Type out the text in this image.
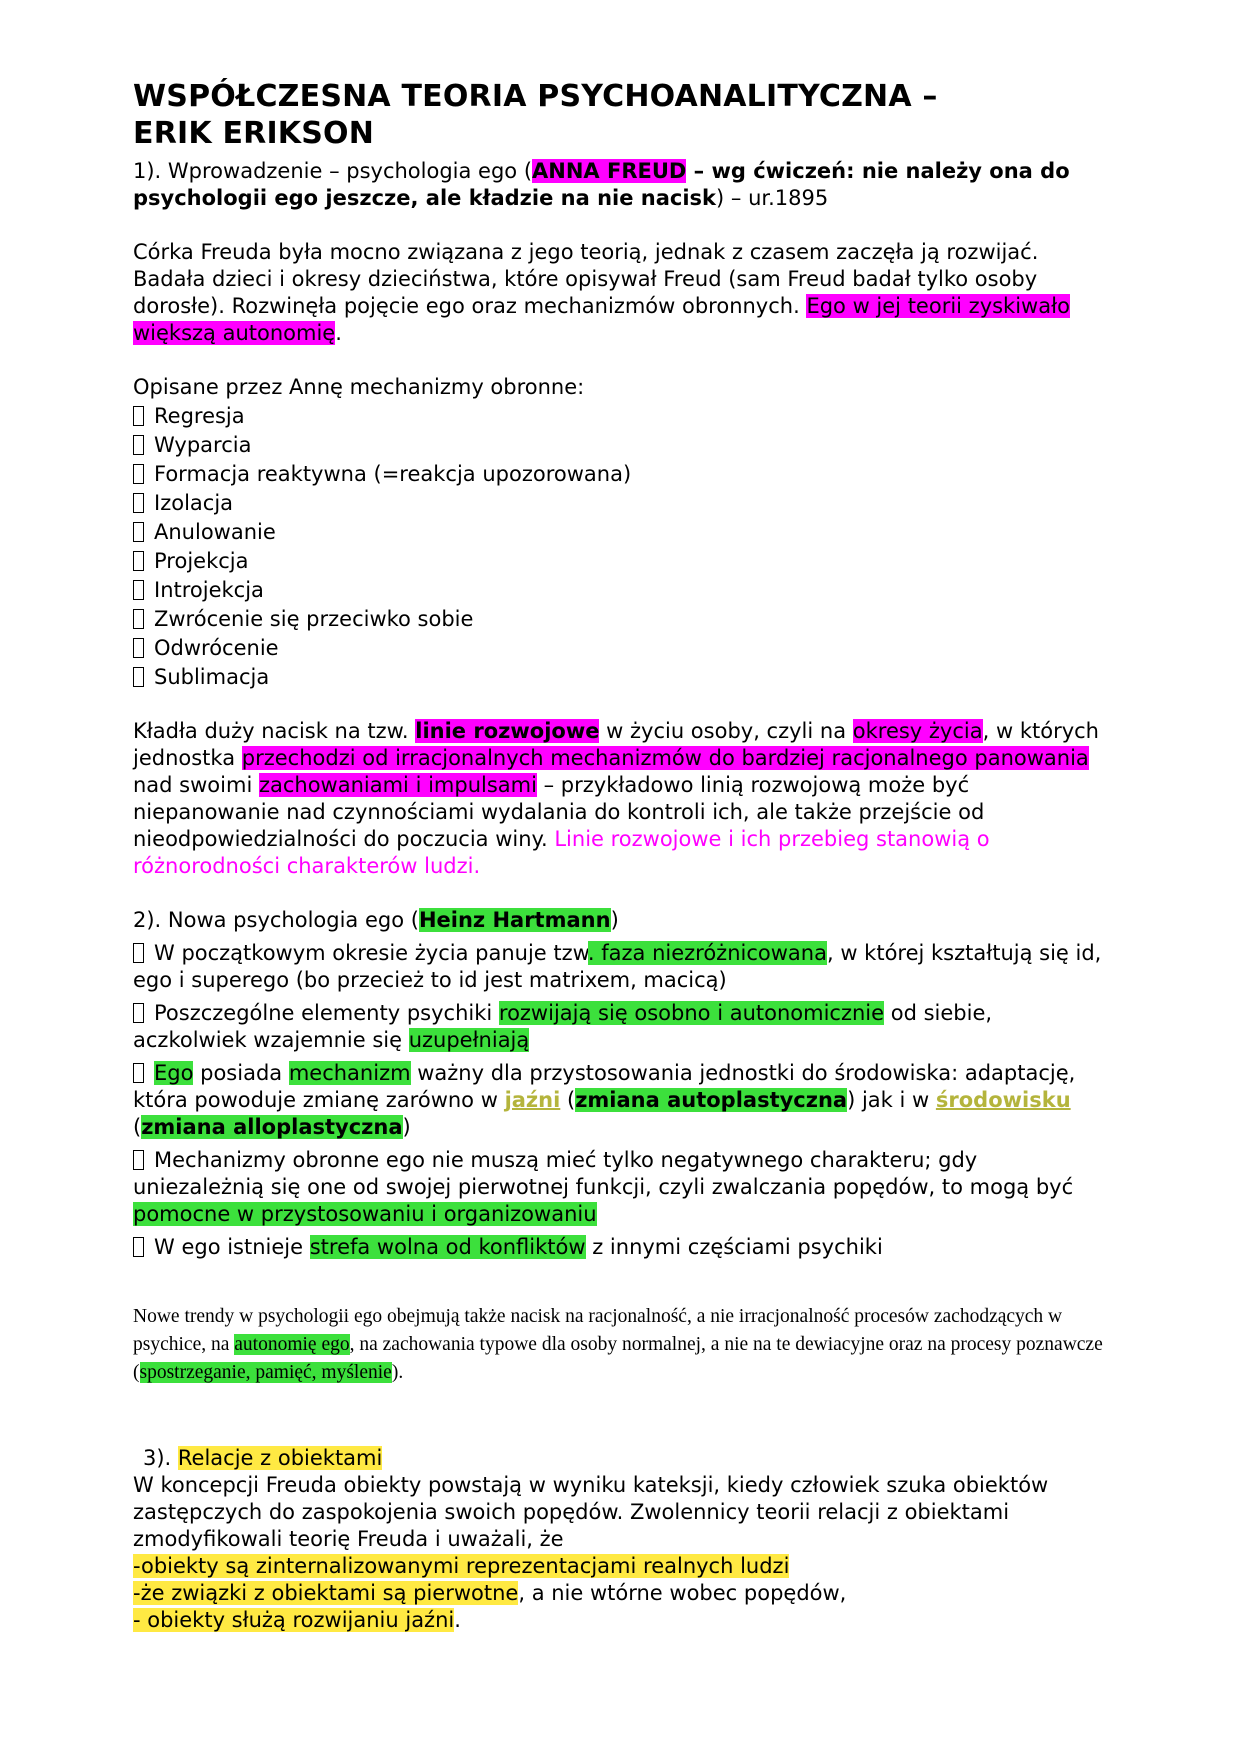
WSPÓŁCZESNA TEORIA PSYCHOANALITYCZNA –
ERIK ERIKSON
1). Wprowadzenie – psychologia ego (ANNA FREUD – wg ćwiczeń: nie należy ona do psychologii ego jeszcze, ale kładzie na nie nacisk) – ur.1895
Córka Freuda była mocno związana z jego teorią, jednak z czasem zaczęła ją rozwijać. Badała dzieci i okresy dzieciństwa, które opisywał Freud (sam Freud badał tylko osoby dorosłe). Rozwinęła pojęcie ego oraz mechanizmów obronnych. Ego w jej teorii zyskiwało większą autonomię.
Opisane przez Annę mechanizmy obronne:
Regresja
Wyparcia
Formacja reaktywna (=reakcja upozorowana)
Izolacja
Anulowanie
Projekcja
Introjekcja
Zwrócenie się przeciwko sobie
Odwrócenie
Sublimacja
Kładła duży nacisk na tzw. linie rozwojowe w życiu osoby, czyli na okresy życia, w których jednostka przechodzi od irracjonalnych mechanizmów do bardziej racjonalnego panowania nad swoimi zachowaniami i impulsami – przykładowo linią rozwojową może być niepanowanie nad czynnościami wydalania do kontroli ich, ale także przejście od nieodpowiedzialności do poczucia winy. Linie rozwojowe i ich przebieg stanowią o różnorodności charakterów ludzi.
2). Nowa psychologia ego (Heinz Hartmann)
W początkowym okresie życia panuje tzw. faza niezróżnicowana, w której kształtują się id, ego i superego (bo przecież to id jest matrixem, macicą)
Poszczególne elementy psychiki rozwijają się osobno i autonomicznie od siebie, aczkolwiek wzajemnie się uzupełniają
Ego posiada mechanizm ważny dla przystosowania jednostki do środowiska: adaptację, która powoduje zmianę zarówno w jaźni (zmiana autoplastyczna) jak i w środowisku (zmiana alloplastyczna)
Mechanizmy obronne ego nie muszą mieć tylko negatywnego charakteru; gdy uniezależnią się one od swojej pierwotnej funkcji, czyli zwalczania popędów, to mogą być pomocne w przystosowaniu i organizowaniu
W ego istnieje strefa wolna od konfliktów z innymi częściami psychiki
Nowe trendy w psychologii ego obejmują także nacisk na racjonalność, a nie irracjonalność procesów zachodzących w psychice, na autonomię ego, na zachowania typowe dla osoby normalnej, a nie na te dewiacyjne oraz na procesy poznawcze (spostrzeganie, pamięć, myślenie).
3). Relacje z obiektami
W koncepcji Freuda obiekty powstają w wyniku kateksji, kiedy człowiek szuka obiektów zastępczych do zaspokojenia swoich popędów. Zwolennicy teorii relacji z obiektami zmodyfikowali teorię Freuda i uważali, że
-obiekty są zinternalizowanymi reprezentacjami realnych ludzi
-że związki z obiektami są pierwotne, a nie wtórne wobec popędów,
- obiekty służą rozwijaniu jaźni.
